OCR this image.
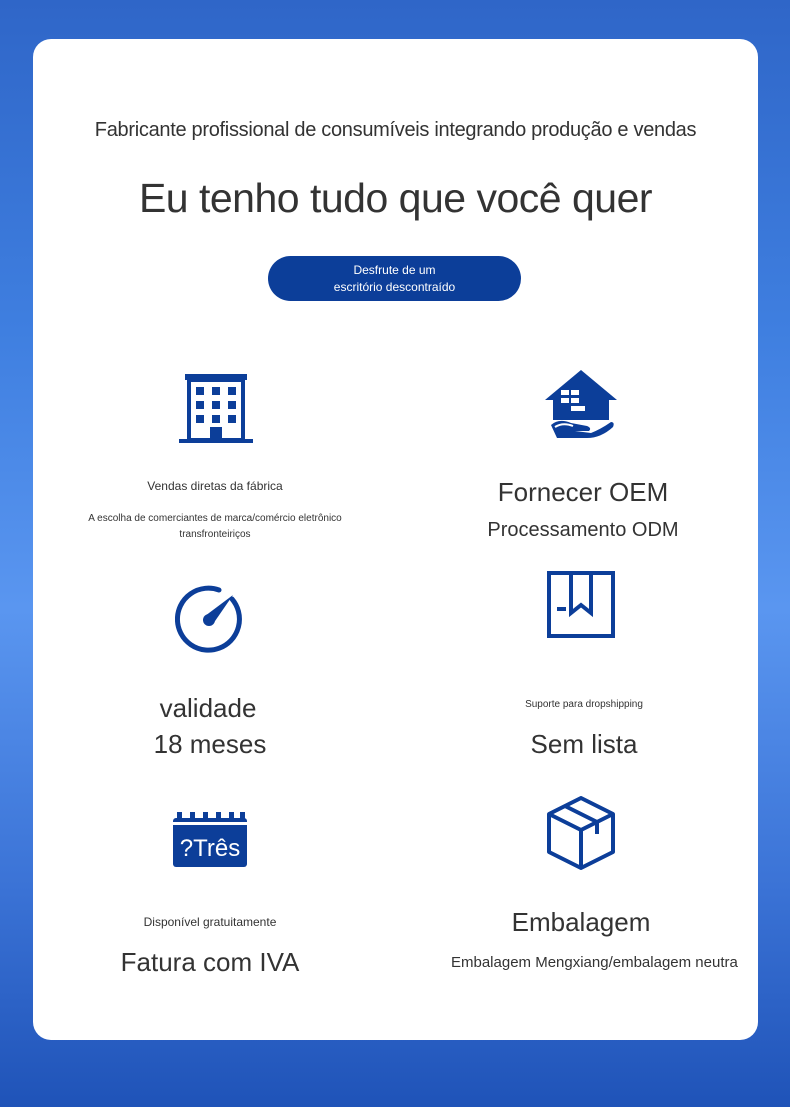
Fabricante profissional de consumíveis integrando produção e vendas
Eu tenho tudo que você quer
Desfrute de um escritório descontraído
Vendas diretas da fábrica
A escolha de comerciantes de marca/comércio eletrônico transfronteiriços
Fornecer OEM
Processamento ODM
validade
18 meses
Suporte para dropshipping
Sem lista
?Três
Disponível gratuitamente
Fatura com IVA
Embalagem
Embalagem Mengxiang/embalagem neutra
